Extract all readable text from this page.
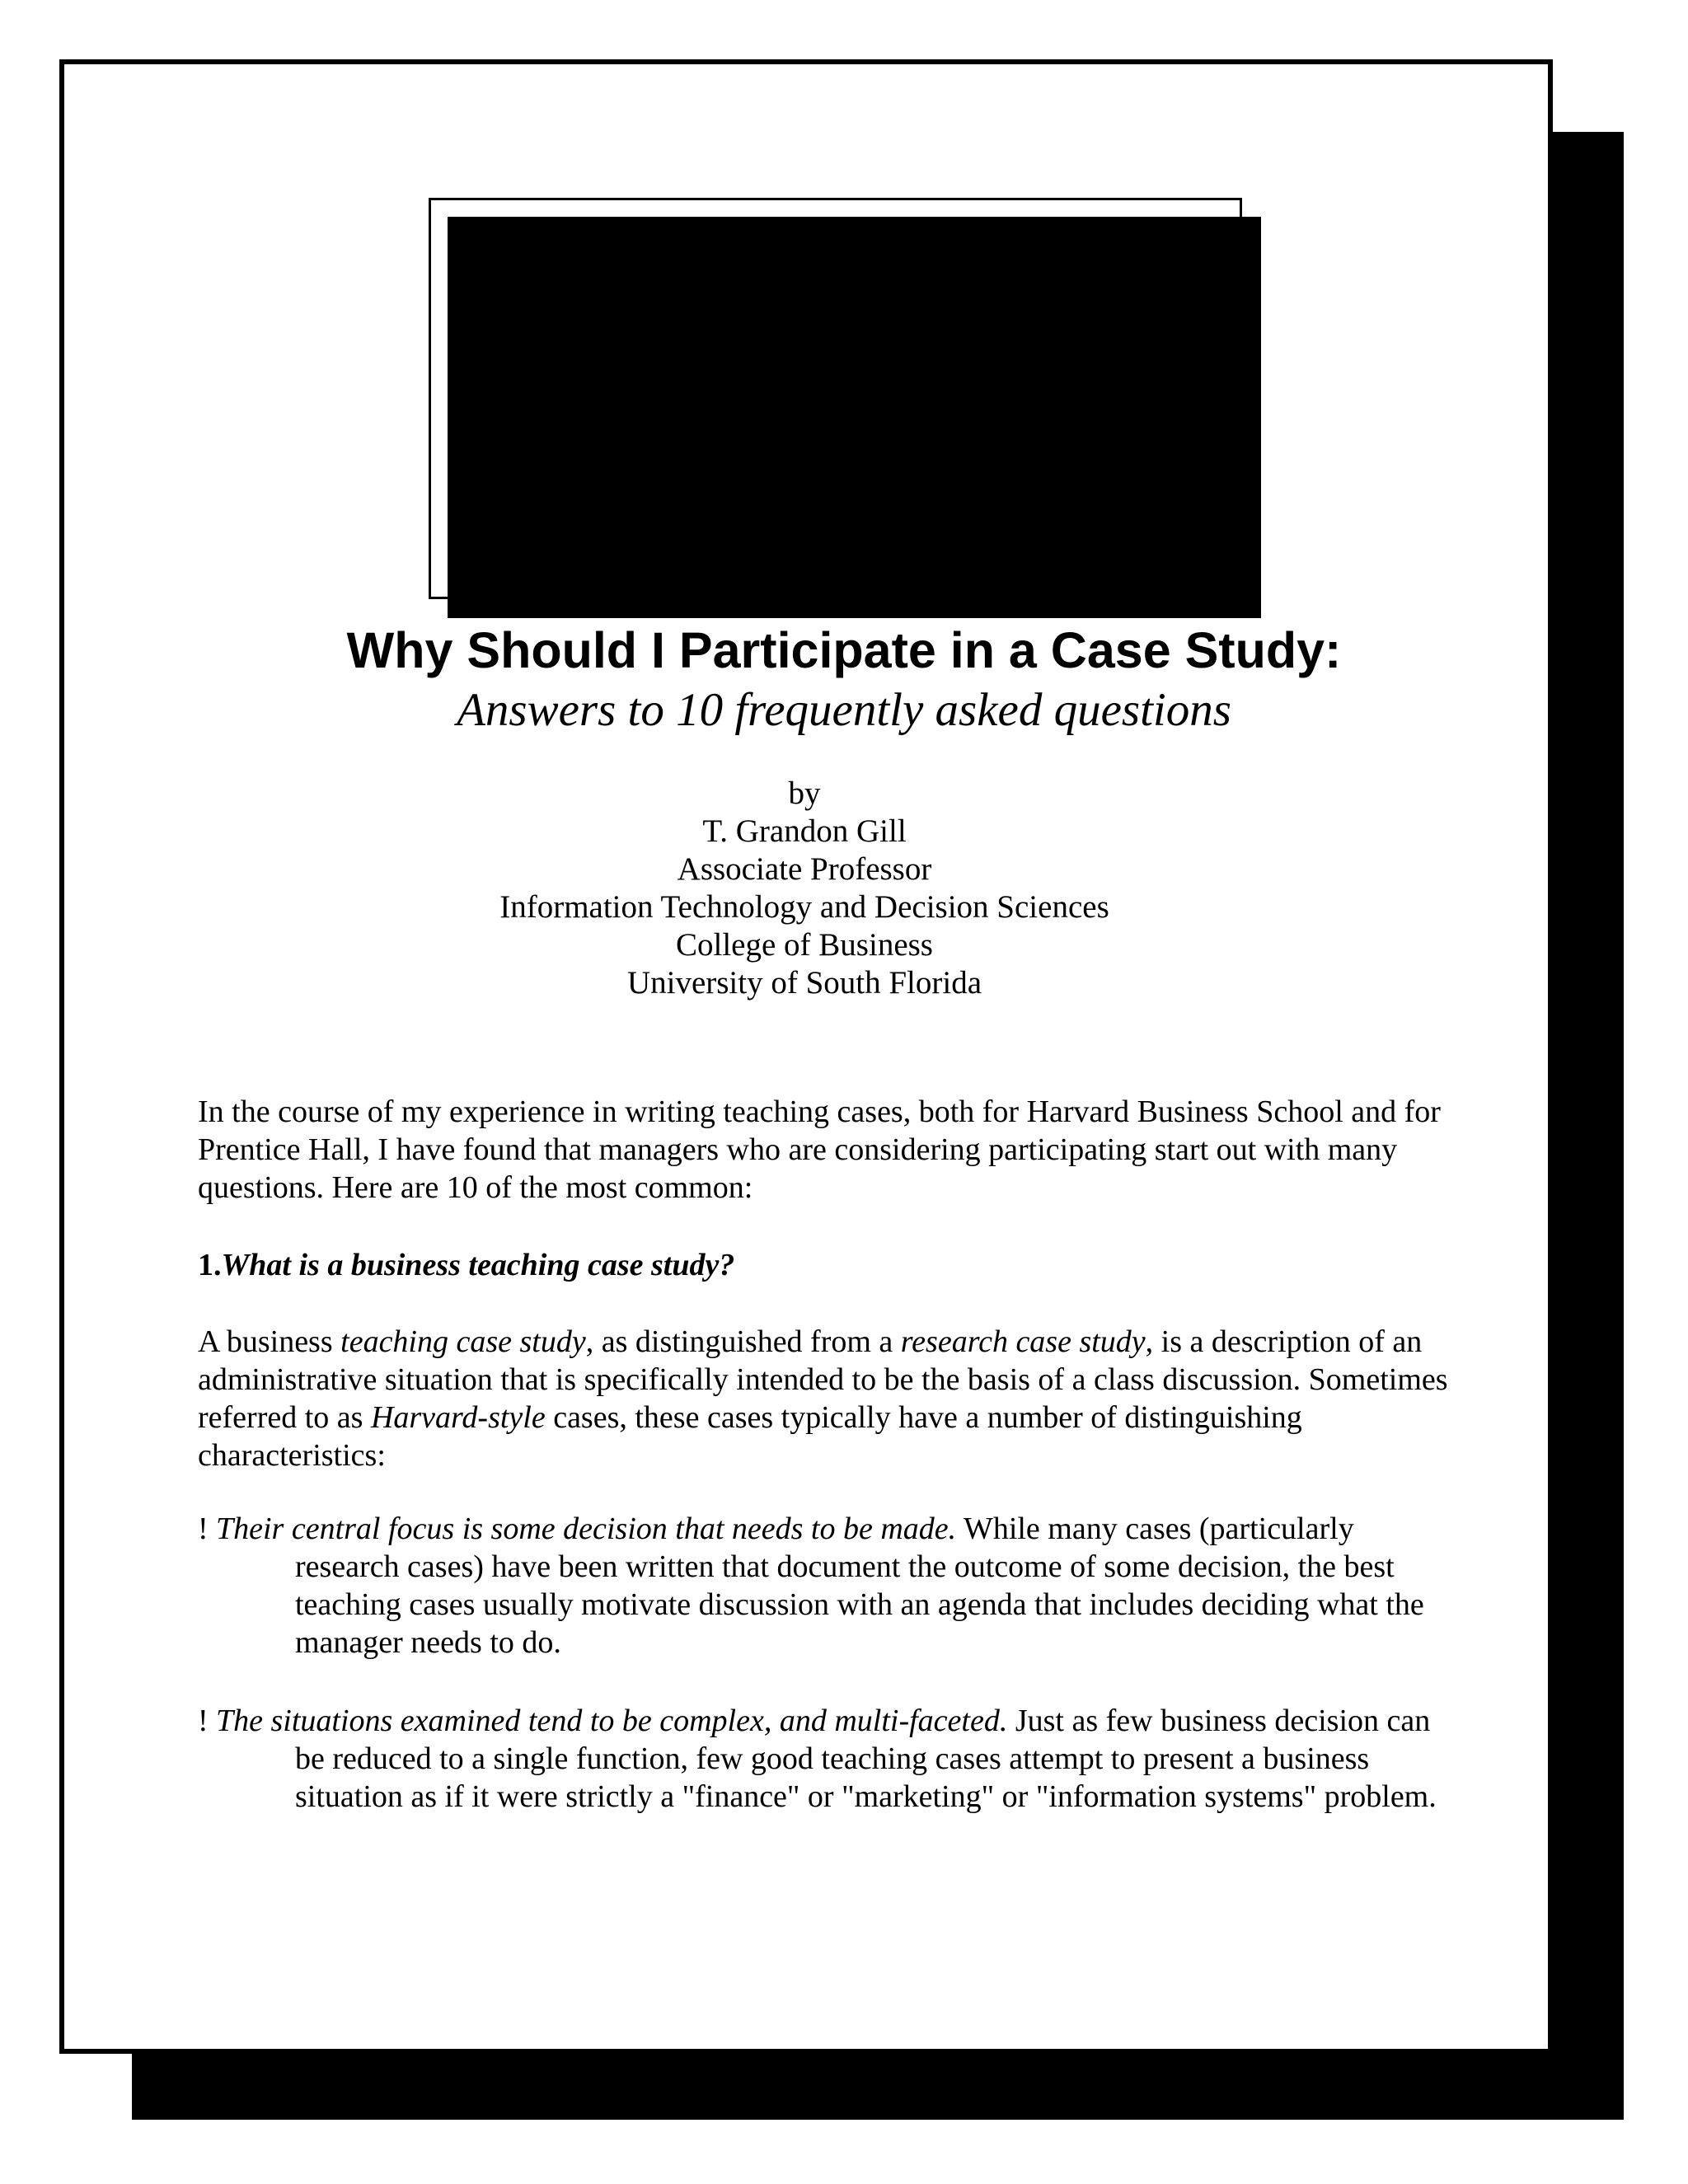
Why Should I Participate in a Case Study:
Answers to 10 frequently asked questions
by
T. Grandon Gill
Associate Professor
Information Technology and Decision Sciences
College of Business
University of South Florida
In the course of my experience in writing teaching cases, both for Harvard Business School and for Prentice Hall, I have found that managers who are considering participating start out with many questions. Here are 10 of the most common:
1.What is a business teaching case study?
A business teaching case study, as distinguished from a research case study, is a description of an administrative situation that is specifically intended to be the basis of a class discussion. Sometimes referred to as Harvard-style cases, these cases typically have a number of distinguishing characteristics:
! Their central focus is some decision that needs to be made. While many cases (particularly research cases) have been written that document the outcome of some decision, the best teaching cases usually motivate discussion with an agenda that includes deciding what the manager needs to do.
! The situations examined tend to be complex, and multi-faceted. Just as few business decision can be reduced to a single function, few good teaching cases attempt to present a business situation as if it were strictly a "finance" or "marketing" or "information systems" problem.
